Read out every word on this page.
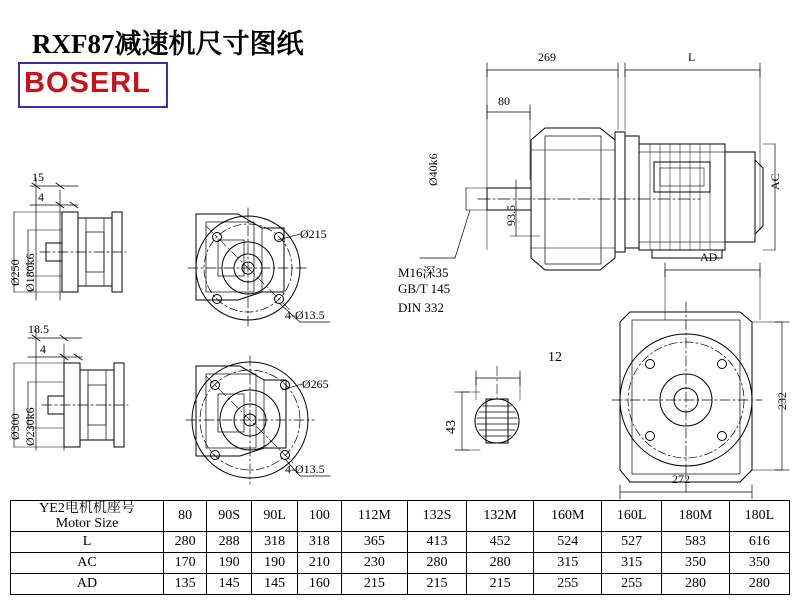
RXF87减速机尺寸图纸
BOSERL
15
4
Ø250 Ø180k6
Ø215
4-Ø13.5
18.5
4
Ø300 Ø230k6
Ø265
4-Ø13.5
269	L
80
Ø40k6
93.5
AC
M16深35
GB/T 145
DIN 332
12
43
AD
232
272
YE2电机机座号
Motor Size	80	90S	90L	100	112M	132S	132M	160M	160L	180M	180L
L	280	288	318	318	365	413	452	524	527	583	616
AC	170	190	190	210	230	280	280	315	315	350	350
AD	135	145	145	160	215	215	215	255	255	280	280
